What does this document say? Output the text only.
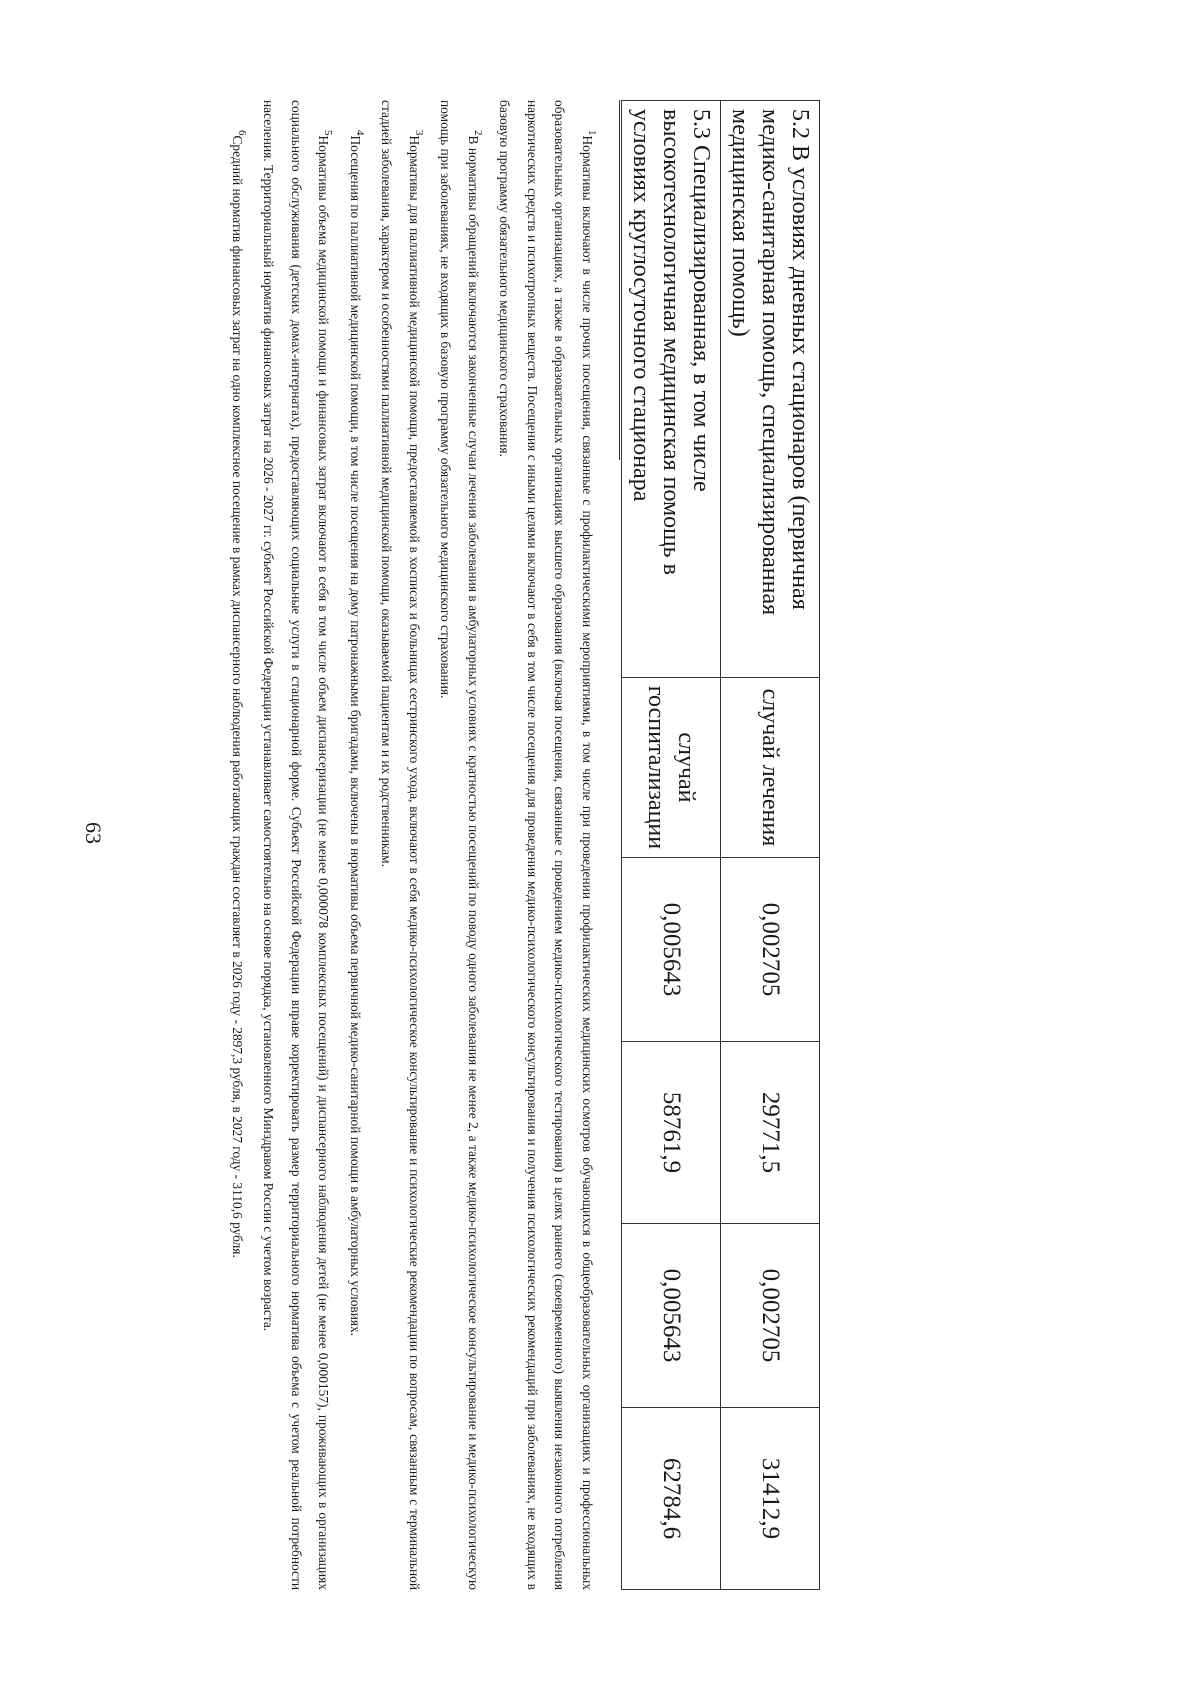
63
5.2 В условиях дневных стационаров (первичная медико-санитарная помощь, специализированная медицинская помощь)	случай лечения	0,002705	29771,5	0,002705	31412,9
5.3 Специализированная, в том числе высокотехнологичная медицинская помощь в условиях круглосуточного стационара	случай госпитализации	0,005643	58761,9	0,005643	62784,6

$^1$Нормативы включают в числе прочих посещения, связанные с профилактическими мероприятиями, в том числе при проведении профилактических медицинских осмотров обучающихся в общеобразовательных организациях и профессиональных образовательных организациях, а также в образовательных организациях высшего образования (включая посещения, связанные с проведением медико-психологического тестирования) в целях раннего (своевременного) выявления незаконного потребления наркотических средств и психотропных веществ. Посещения с иными целями включают в себя в том числе посещения для проведения медико-психологического консультирования и получения психологических рекомендаций при заболеваниях, не входящих в базовую программу обязательного медицинского страхования.

$^2$В нормативы обращений включаются законченные случаи лечения заболевания в амбулаторных условиях с кратностью посещений по поводу одного заболевания не менее 2, а также медико-психологическое консультирование и медико-психологическую помощь при заболеваниях, не входящих в базовую программу обязательного медицинского страхования.

$^3$Нормативы для паллиативной медицинской помощи, предоставляемой в хосписах и больницах сестринского ухода, включают в себя медико-психологическое консультирование и психологические рекомендации по вопросам, связанным с терминальной стадией заболевания, характером и особенностями паллиативной медицинской помощи, оказываемой пациентам и их родственникам.

$^4$Посещения по паллиативной медицинской помощи, в том числе посещения на дому патронажными бригадами, включены в нормативы объема первичной медико-санитарной помощи в амбулаторных условиях.

$^5$Нормативы объема медицинской помощи и финансовых затрат включают в себя в том числе объем диспансеризации (не менее 0,000078 комплексных посещений) и диспансерного наблюдения детей (не менее 0,000157), проживающих в организациях социального обслуживания (детских домах-интернатах), предоставляющих социальные услуги в стационарной форме. Субъект Российской Федерации вправе корректировать размер территориального норматива объема с учетом реальной потребности населения. Территориальный норматив финансовых затрат на 2026 - 2027 гг. субъект Российской Федерации устанавливает самостоятельно на основе порядка, установленного Минздравом России с учетом возраста.

$^6$Средний норматив финансовых затрат на одно комплексное посещение в рамках диспансерного наблюдения работающих граждан составляет в 2026 году - 2897,3 рубля, в 2027 году - 3110,6 рубля.
